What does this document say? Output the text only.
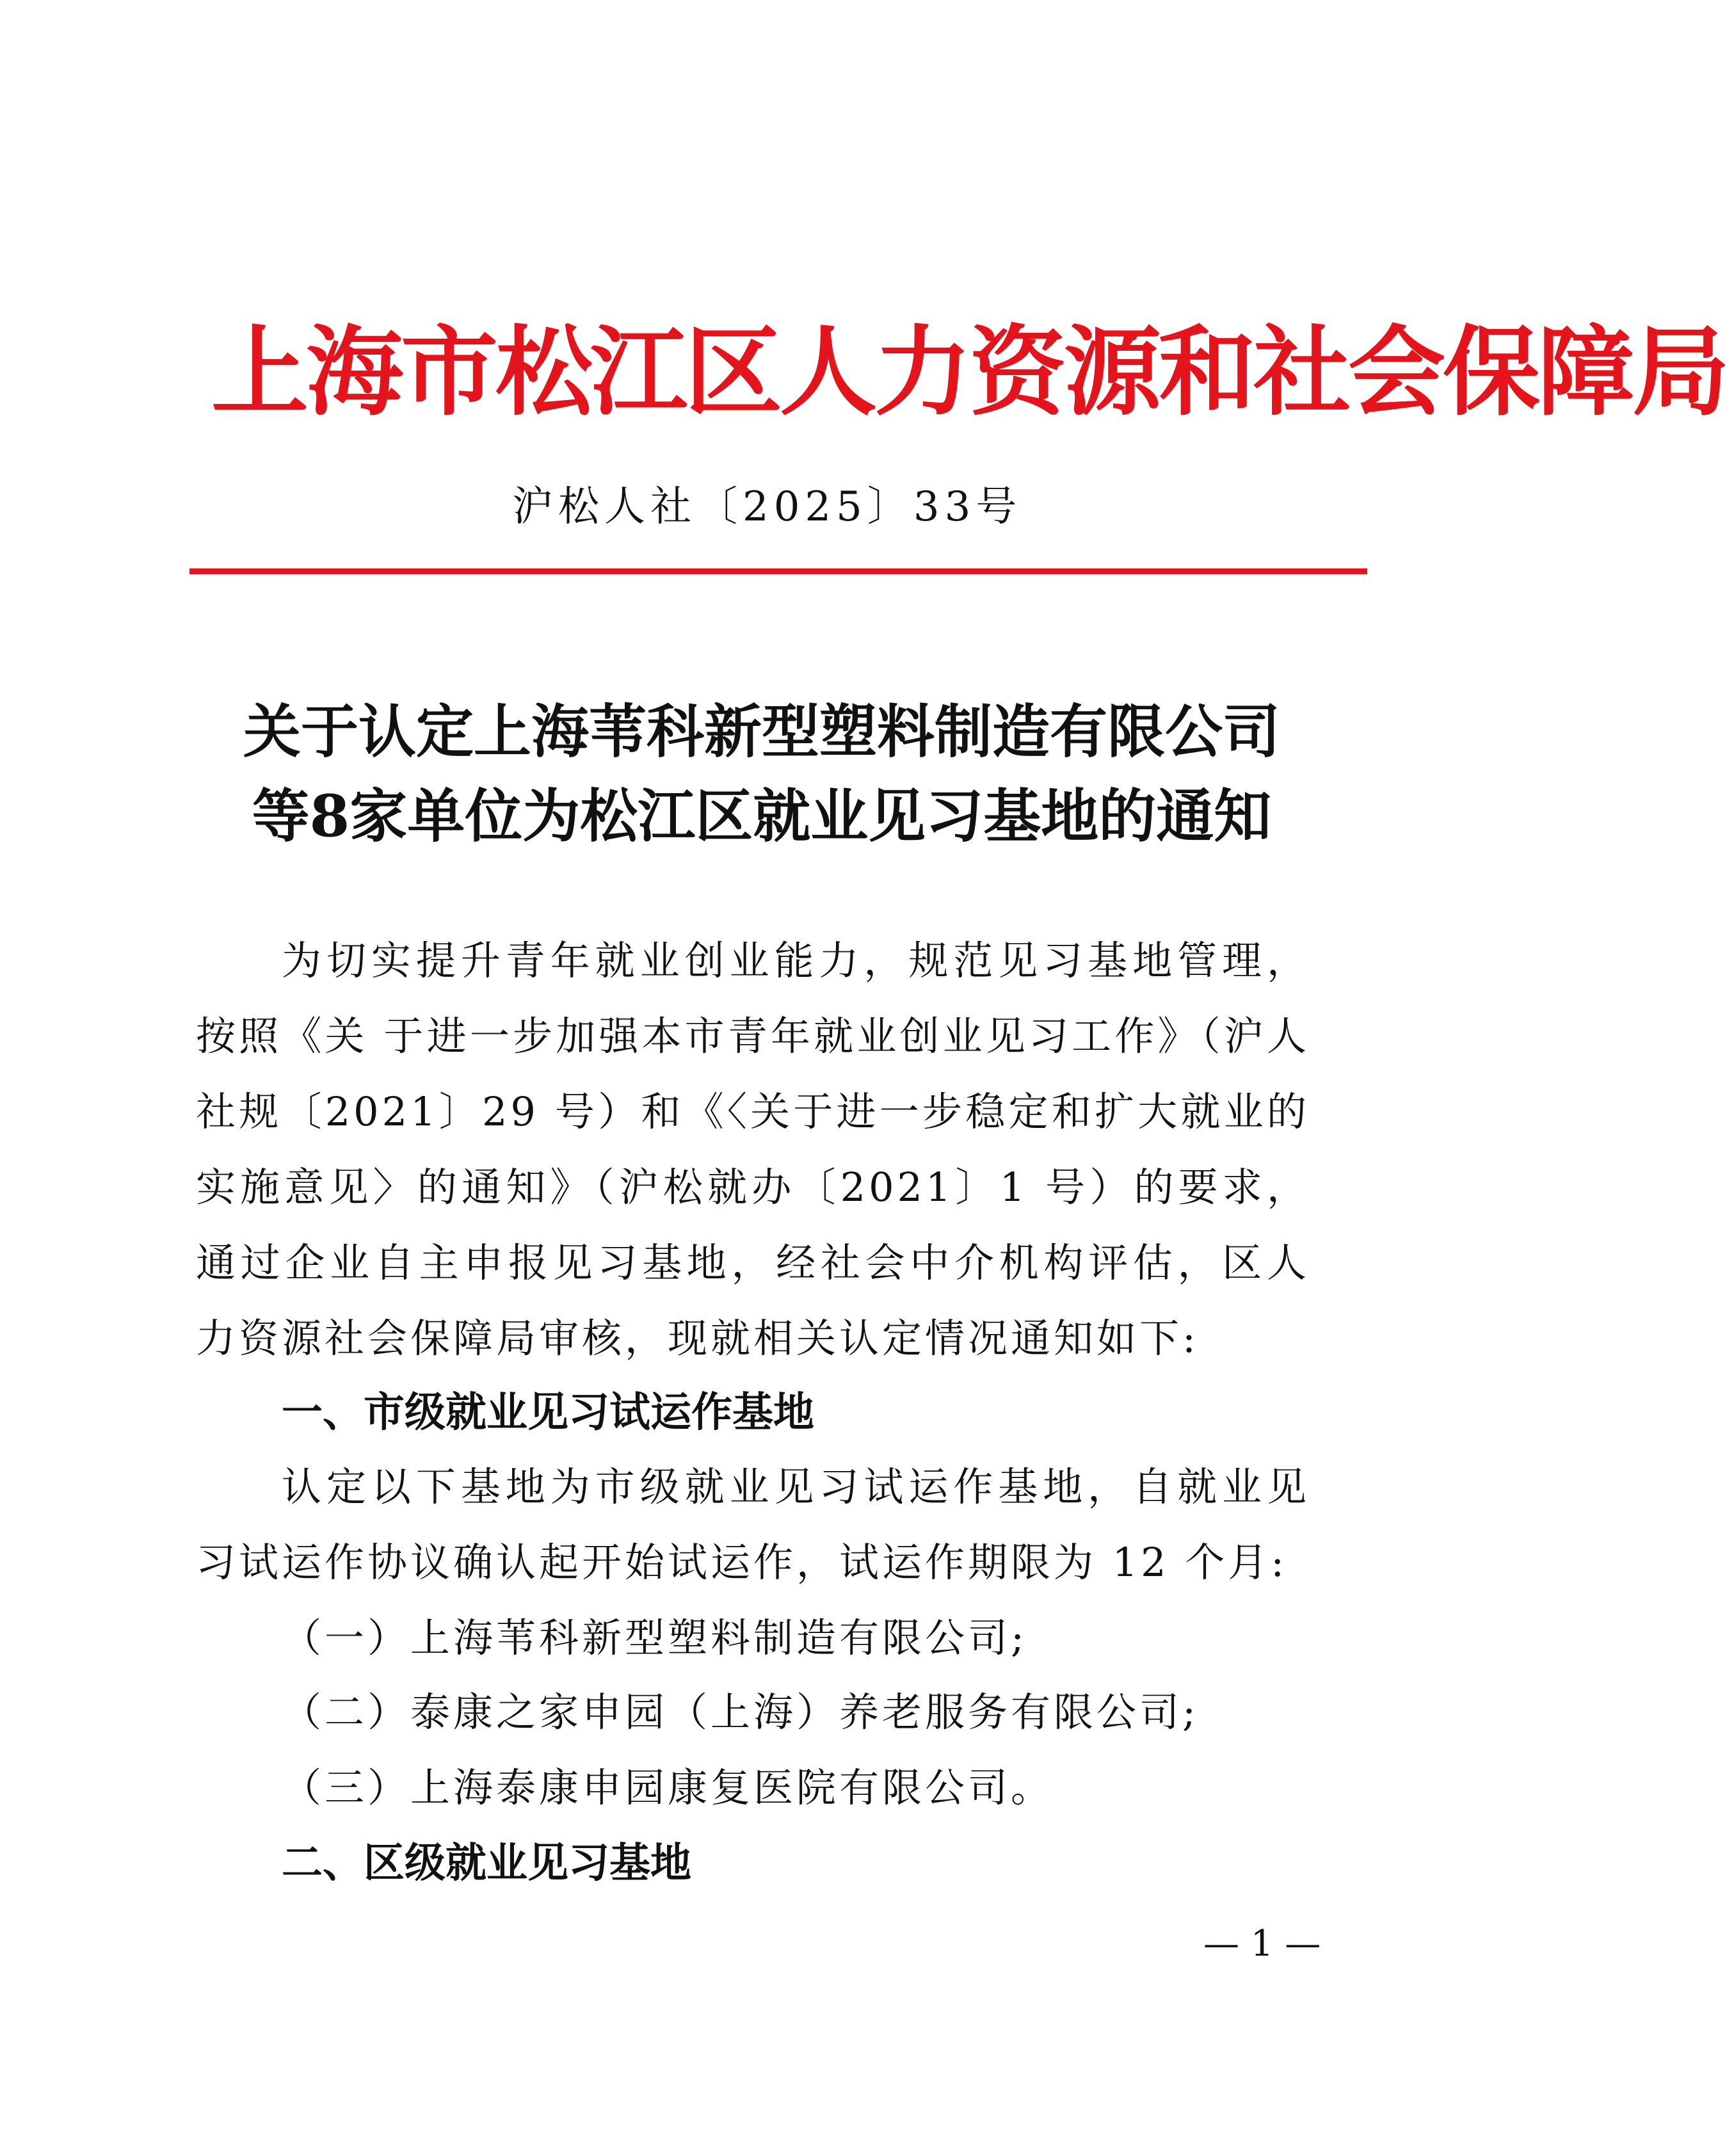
上海市松江区人力资源和社会保障局
沪松人社〔2025〕33号
关于认定上海苇科新型塑料制造有限公司
等8家单位为松江区就业见习基地的通知
为切实提升青年就业创业能力，规范见习基地管理，按照《关 于进一步加强本市青年就业创业见习工作》（沪人社规〔2021〕29 号）和《〈关于进一步稳定和扩大就业的实施意见〉的通知》（沪松就办〔2021〕1 号）的要求，通过企业自主申报见习基地，经社会中介机构评估，区人力资源社会保障局审核，现就相关认定情况通知如下:
一、市级就业见习试运作基地
认定以下基地为市级就业见习试运作基地，自就业见习试运作协议确认起开始试运作，试运作期限为 12 个月:
（一）上海苇科新型塑料制造有限公司;
（二）泰康之家申园（上海）养老服务有限公司;
（三）上海泰康申园康复医院有限公司。
二、区级就业见习基地
— 1 —
